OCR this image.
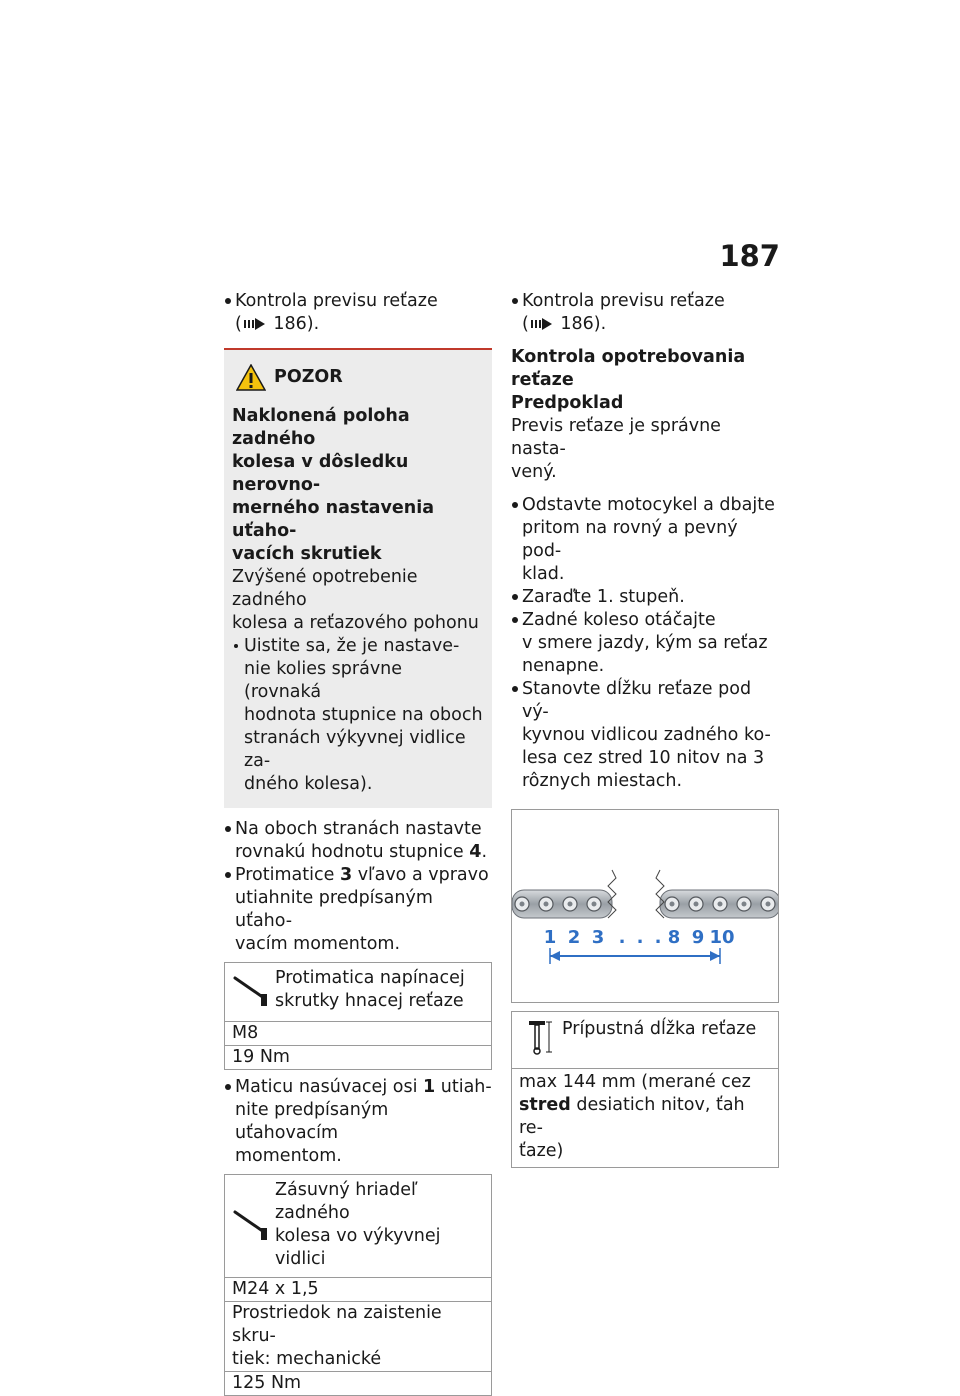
187
Kontrola previsu reťaze
( 186).
POZOR
Naklonená poloha zadného
kolesa v dôsledku nerovno-
merného nastavenia uťaho-
vacích skrutiek
Zvýšené opotrebenie zadného
kolesa a reťazového pohonu
Uistite sa, že je nastave-
nie kolies správne (rovnaká
hodnota stupnice na oboch
stranách výkyvnej vidlice za-
dného kolesa).
Na oboch stranách nastavte
rovnakú hodnotu stupnice 4.
Protimatice 3 vľavo a vpravo
utiahnite predpísaným uťaho-
vacím momentom.
Protimatica napínacej
skrutky hnacej reťaze
M8
19 Nm
Maticu nasúvacej osi 1 utiah-
nite predpísaným uťahovacím
momentom.
Zásuvný hriadeľ zadného
kolesa vo výkyvnej vidlici
M24 x 1,5
Prostriedok na zaistenie skru-
tiek: mechanické
125 Nm
Kontrola previsu reťaze
( 186).
Kontrola opotrebovania
reťaze
Predpoklad
Previs reťaze je správne nasta-
vený.
Odstavte motocykel a dbajte
pritom na rovný a pevný pod-
klad.
Zaraďte 1. stupeň.
Zadné koleso otáčajte
v smere jazdy, kým sa reťaz
nenapne.
Stanovte dĺžku reťaze pod vý-
kyvnou vidlicou zadného ko-
lesa cez stred 10 nitov na 3
rôznych miestach.
1 2 3 . . . 8 9 10
Prípustná dĺžka reťaze
max 144 mm (merané cez
stred desiatich nitov, ťah re-
ťaze)
